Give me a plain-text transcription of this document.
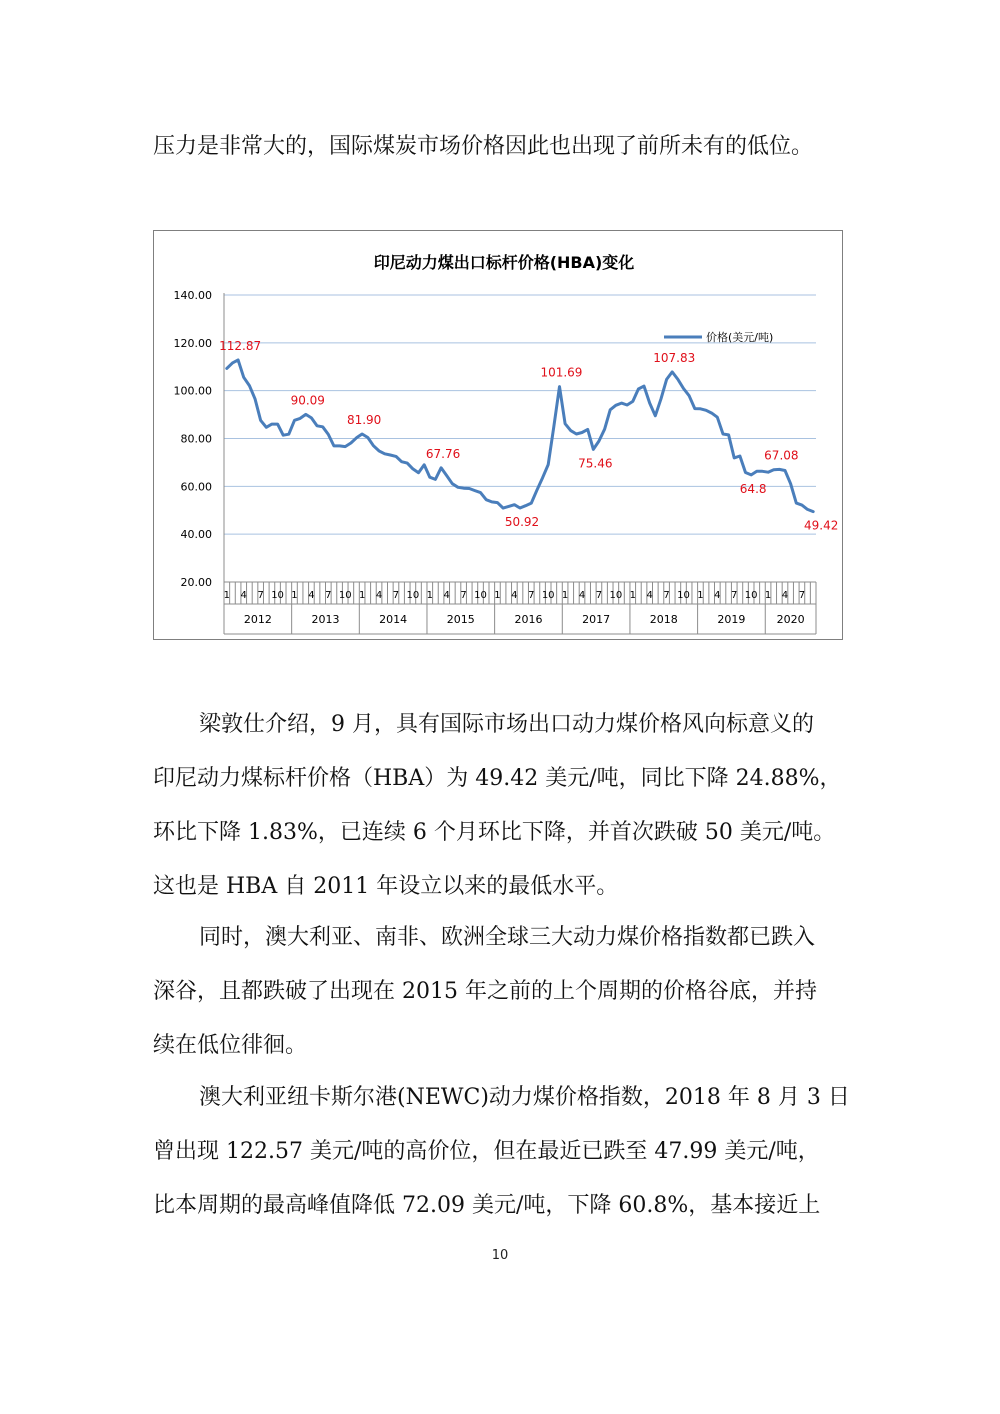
压力是非常大的，国际煤炭市场价格因此也出现了前所未有的低位。
印尼动力煤出口标杆价格(HBA)变化
20.00
40.00
60.00
80.00
100.00
120.00
140.00
1 4 7 10 1 4 7 10 1 4 7 10 1 4 7 10 1 4 7 10 1 4 7 10 1 4 7 10 1 4 7 10 1 4 7
2012	2013	2014	2015	2016	2017	2018	2019	2020
112.87
90.09
81.90
67.76
50.92
101.69
75.46
107.83
64.8
67.08
49.42
价格(美元/吨)
梁敦仕介绍，9 月，具有国际市场出口动力煤价格风向标意义的
印尼动力煤标杆价格（HBA）为 49.42 美元/吨，同比下降 24.88%，
环比下降 1.83%，已连续 6 个月环比下降，并首次跌破 50 美元/吨。
这也是 HBA 自 2011 年设立以来的最低水平。
同时，澳大利亚、南非、欧洲全球三大动力煤价格指数都已跌入
深谷，且都跌破了出现在 2015 年之前的上个周期的价格谷底，并持
续在低位徘徊。
澳大利亚纽卡斯尔港(NEWC)动力煤价格指数，2018 年 8 月 3 日
曾出现 122.57 美元/吨的高价位，但在最近已跌至 47.99 美元/吨，
比本周期的最高峰值降低 72.09 美元/吨，下降 60.8%，基本接近上
10
